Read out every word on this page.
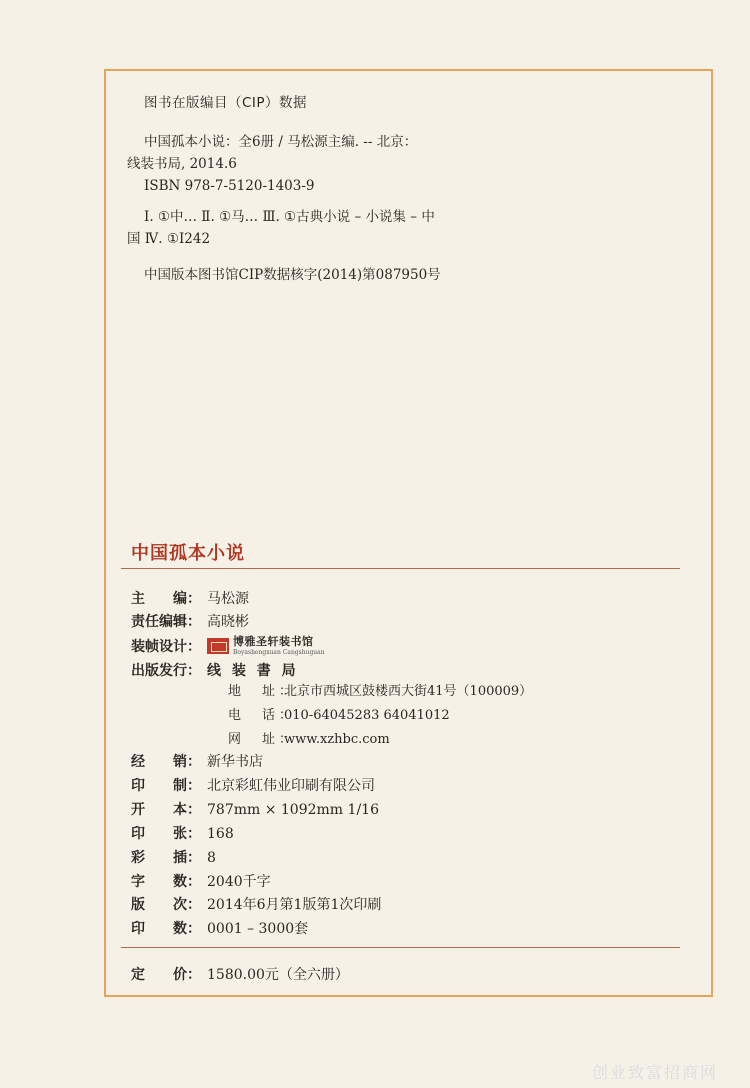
图书在版编目（CIP）数据
中国孤本小说：全6册 / 马松源主编. -- 北京：
线装书局, 2014.6
ISBN 978-7-5120-1403-9
Ⅰ. ①中… Ⅱ. ①马… Ⅲ. ①古典小说 – 小说集 – 中
国 Ⅳ. ①I242
中国版本图书馆CIP数据核字(2014)第087950号
中国孤本小说
主　　编： 马松源
责任编辑： 高晓彬
装帧设计：	博雅圣轩装书馆
Boyashengxuan Cangshuguan
出版发行： 线 装 書 局
地　址：北京市西城区鼓楼西大街41号（100009）
电　话：010-64045283 64041012
网　址：www.xzhbc.com
经　　销： 新华书店
印　　制： 北京彩虹伟业印刷有限公司
开　　本： 787mm × 1092mm 1/16
印　　张： 168
彩　　插： 8
字　　数： 2040千字
版　　次： 2014年6月第1版第1次印刷
印　　数： 0001 – 3000套
定　　价： 1580.00元（全六册）
创业致富招商网
